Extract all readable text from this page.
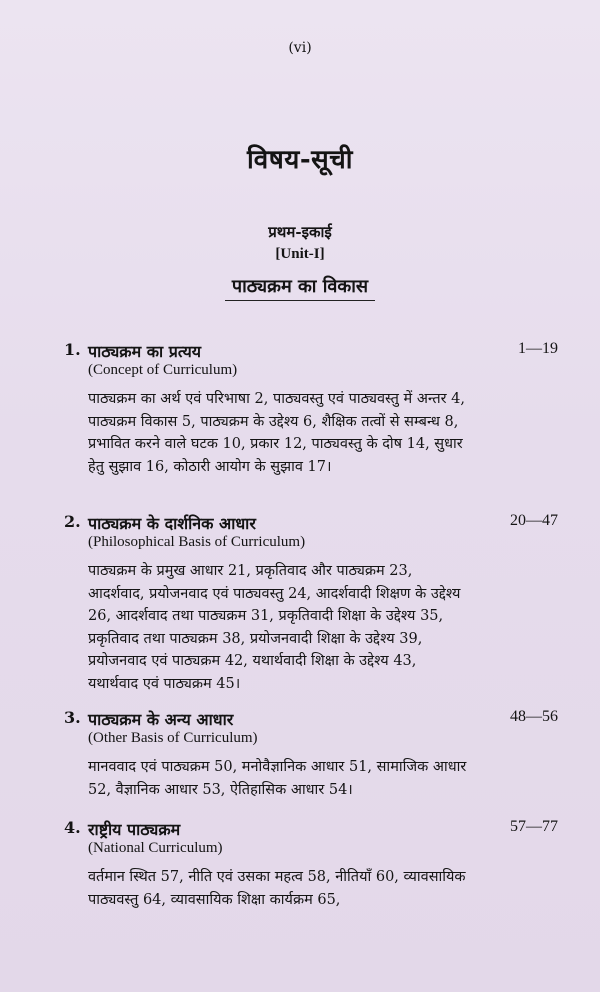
(vi)
विषय-सूची
प्रथम-इकाई
[Unit-I]
पाठ्यक्रम का विकास
1. पाठ्यक्रम का प्रत्यय	1—19
(Concept of Curriculum)
पाठ्यक्रम का अर्थ एवं परिभाषा 2, पाठ्यवस्तु एवं पाठ्यवस्तु में अन्तर 4, पाठ्यक्रम विकास 5, पाठ्यक्रम के उद्देश्य 6, शैक्षिक तत्वों से सम्बन्ध 8, प्रभावित करने वाले घटक 10, प्रकार 12, पाठ्यवस्तु के दोष 14, सुधार हेतु सुझाव 16, कोठारी आयोग के सुझाव 17।
2. पाठ्यक्रम के दार्शनिक आधार	20—47
(Philosophical Basis of Curriculum)
पाठ्यक्रम के प्रमुख आधार 21, प्रकृतिवाद और पाठ्यक्रम 23, आदर्शवाद, प्रयोजनवाद एवं पाठ्यवस्तु 24, आदर्शवादी शिक्षण के उद्देश्य 26, आदर्शवाद तथा पाठ्यक्रम 31, प्रकृतिवादी शिक्षा के उद्देश्य 35, प्रकृतिवाद तथा पाठ्यक्रम 38, प्रयोजनवादी शिक्षा के उद्देश्य 39, प्रयोजनवाद एवं पाठ्यक्रम 42, यथार्थवादी शिक्षा के उद्देश्य 43, यथार्थवाद एवं पाठ्यक्रम 45।
3. पाठ्यक्रम के अन्य आधार	48—56
(Other Basis of Curriculum)
मानववाद एवं पाठ्यक्रम 50, मनोवैज्ञानिक आधार 51, सामाजिक आधार 52, वैज्ञानिक आधार 53, ऐतिहासिक आधार 54।
4. राष्ट्रीय पाठ्यक्रम	57—77
(National Curriculum)
वर्तमान स्थित 57, नीति एवं उसका महत्व 58, नीतियाँ 60, व्यावसायिक पाठ्यवस्तु 64, व्यावसायिक शिक्षा कार्यक्रम 65,
